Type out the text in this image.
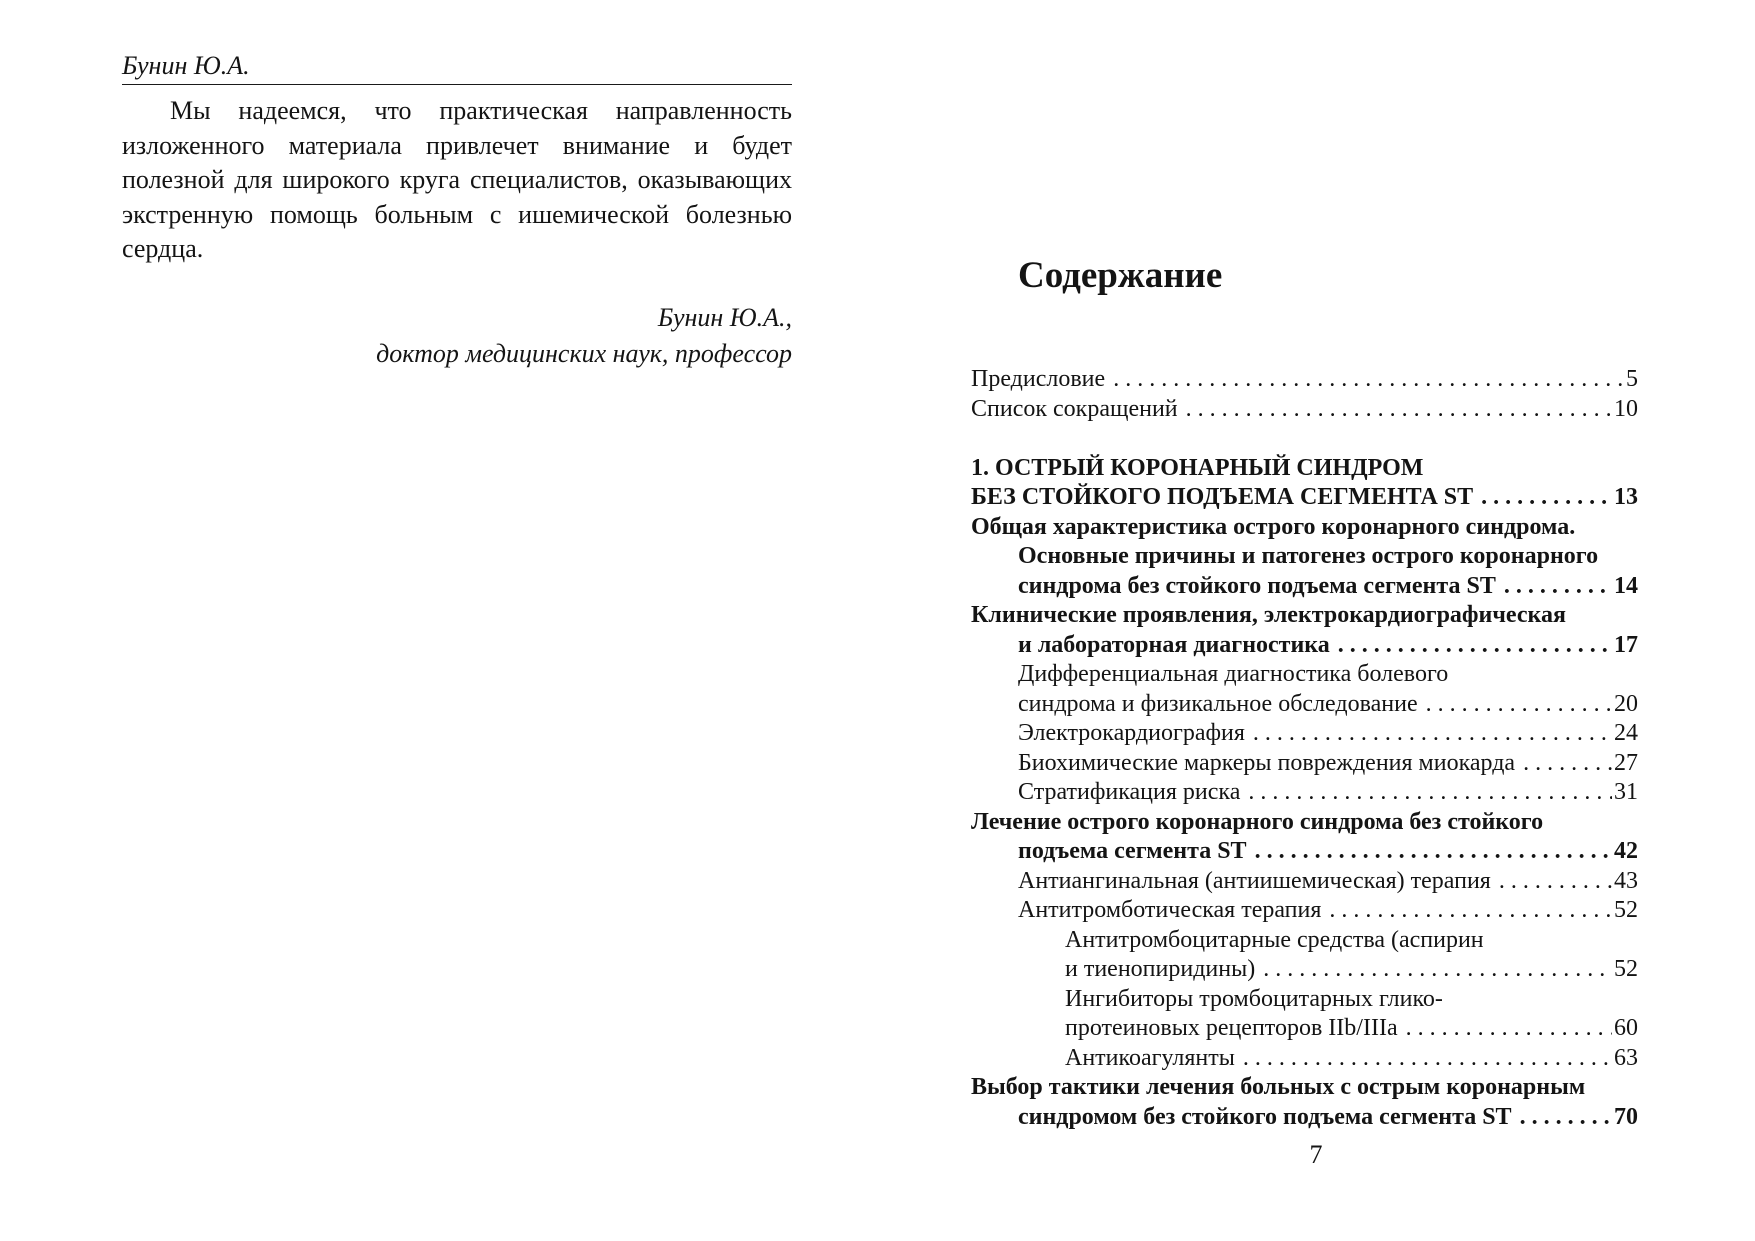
Бунин Ю.А.

Мы надеемся, что практическая направленность изложенного материала привлечет внимание и будет полезной для широкого круга специалистов, оказывающих экстренную помощь больным с ишемической болезнью сердца.

Бунин Ю.А.,
доктор медицинских наук, профессор
Содержание
Предисловие . . .	5
Список сокращений . . .	10
1. ОСТРЫЙ КОРОНАРНЫЙ СИНДРОМ
БЕЗ СТОЙКОГО ПОДЪЕМА СЕГМЕНТА ST . . .	13
Общая характеристика острого коронарного синдрома.
Основные причины и патогенез острого коронарного
синдрома без стойкого подъема сегмента ST . . .	14
Клинические проявления, электрокардиографическая
и лабораторная диагностика . . .	17
Дифференциальная диагностика болевого
синдрома и физикальное обследование . . .	20
Электрокардиография . . .	24
Биохимические маркеры повреждения миокарда . . .	27
Стратификация риска . . .	31
Лечение острого коронарного синдрома без стойкого
подъема сегмента ST . . .	42
Антиангинальная (антиишемическая) терапия . . .	43
Антитромботическая терапия . . .	52
Антитромбоцитарные средства (аспирин
и тиенопиридины) . . .	52
Ингибиторы тромбоцитарных глико-
протеиновых рецепторов IIb/IIIa . . .	60
Антикоагулянты . . .	63
Выбор тактики лечения больных с острым коронарным
синдромом без стойкого подъема сегмента ST . . .	70
7
